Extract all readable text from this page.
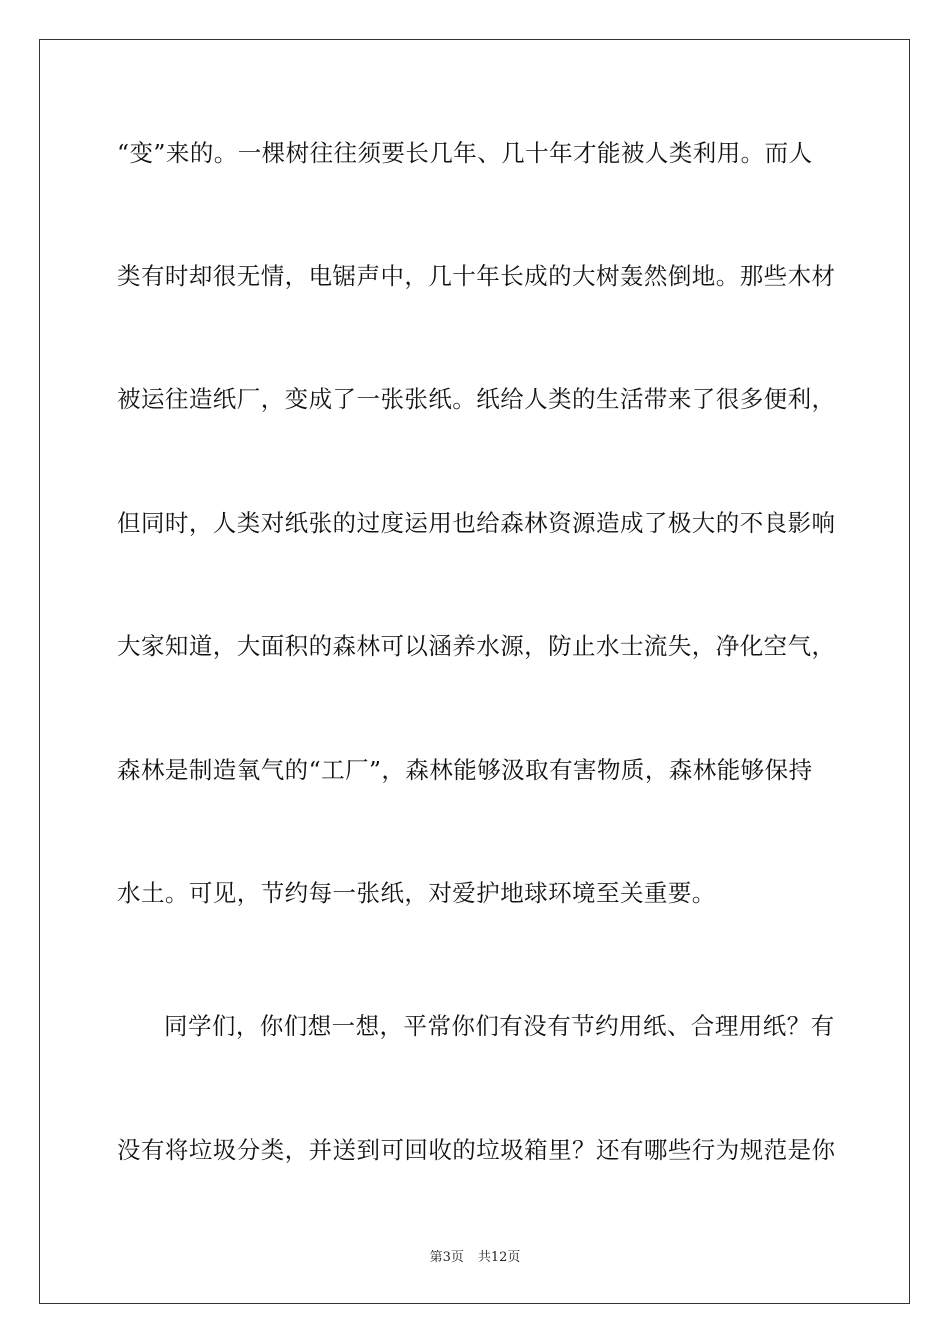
“变”来的。一棵树往往须要长几年、几十年才能被人类利用。而人
类有时却很无情，电锯声中，几十年长成的大树轰然倒地。那些木材
被运往造纸厂，变成了一张张纸。纸给人类的生活带来了很多便利，
但同时，人类对纸张的过度运用也给森林资源造成了极大的不良影响
大家知道，大面积的森林可以涵养水源，防止水士流失，净化空气，
森林是制造氧气的“工厂”，森林能够汲取有害物质，森林能够保持
水土。可见，节约每一张纸，对爱护地球环境至关重要。
同学们，你们想一想，平常你们有没有节约用纸、合理用纸？有
没有将垃圾分类，并送到可回收的垃圾箱里？还有哪些行为规范是你
第3页 共12页
